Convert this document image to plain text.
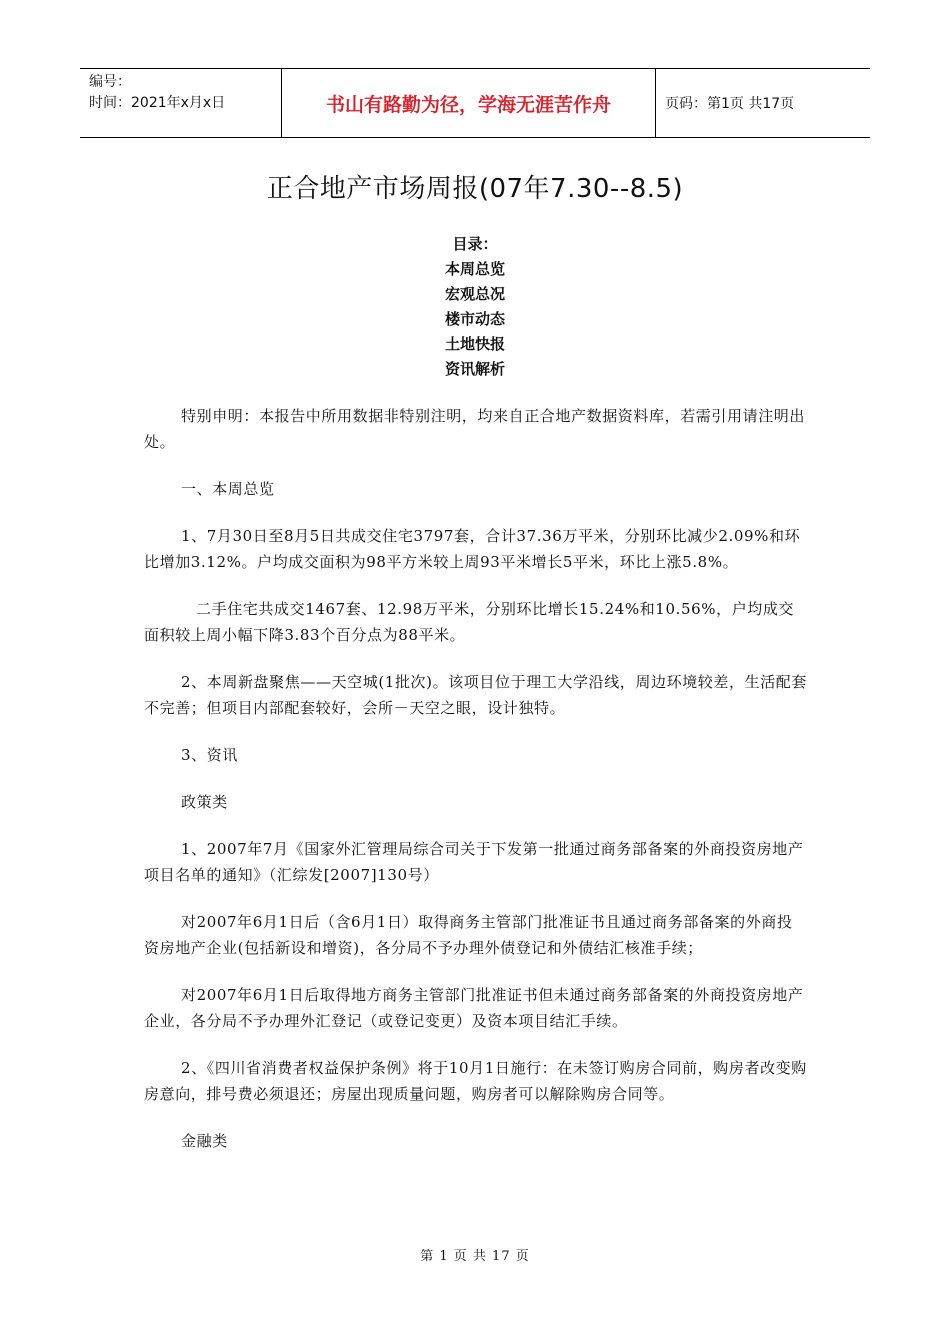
编号：
时间：2021年x月x日	书山有路勤为径，学海无涯苦作舟	页码：第1页 共17页
正合地产市场周报(07年7.30--8.5)
目录：
本周总览
宏观总况
楼市动态
土地快报
资讯解析

特别申明：本报告中所用数据非特别注明，均来自正合地产数据资料库，若需引用请注明出处。

一、本周总览

1、7月30日至8月5日共成交住宅3797套，合计37.36万平米，分别环比减少2.09%和环比增加3.12%。户均成交面积为98平方米较上周93平米增长5平米，环比上涨5.8%。

二手住宅共成交1467套、12.98万平米，分别环比增长15.24%和10.56%，户均成交面积较上周小幅下降3.83个百分点为88平米。

2、本周新盘聚焦——天空城(1批次)。该项目位于理工大学沿线，周边环境较差，生活配套不完善；但项目内部配套较好，会所－天空之眼，设计独特。

3、资讯

政策类

1、2007年7月《国家外汇管理局综合司关于下发第一批通过商务部备案的外商投资房地产项目名单的通知》（汇综发[2007]130号）

对2007年6月1日后（含6月1日）取得商务主管部门批准证书且通过商务部备案的外商投资房地产企业(包括新设和增资)，各分局不予办理外债登记和外债结汇核准手续；

对2007年6月1日后取得地方商务主管部门批准证书但未通过商务部备案的外商投资房地产企业，各分局不予办理外汇登记（或登记变更）及资本项目结汇手续。

2、《四川省消费者权益保护条例》将于10月1日施行：在未签订购房合同前，购房者改变购房意向，排号费必须退还；房屋出现质量问题，购房者可以解除购房合同等。

金融类

第 1 页 共 17 页
